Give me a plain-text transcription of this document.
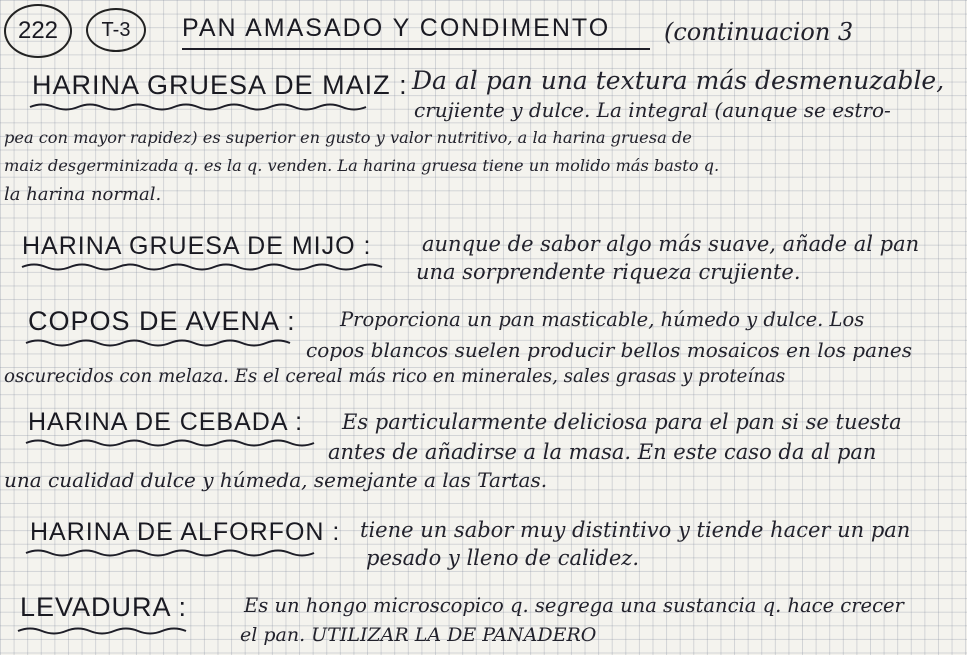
222	T-3	PAN AMASADO Y CONDIMENTO (continuacion 3
HARINA GRUESA DE MAIZ : Da al pan una textura más desmenuzable,
crujiente y dulce. La integral (aunque se estro-
pea con mayor rapidez) es superior en gusto y valor nutritivo, a la harina gruesa de
maiz desgerminizada q. es la q. venden. La harina gruesa tiene un molido más basto q.
la harina normal.
HARINA GRUESA DE MIJO : aunque de sabor algo más suave, añade al pan
una sorprendente riqueza crujiente.
COPOS DE AVENA : Proporciona un pan masticable, húmedo y dulce. Los
copos blancos suelen producir bellos mosaicos en los panes
oscurecidos con melaza. Es el cereal más rico en minerales, sales grasas y proteínas
HARINA DE CEBADA : Es particularmente deliciosa para el pan si se tuesta
antes de añadirse a la masa. En este caso da al pan
una cualidad dulce y húmeda, semejante a las Tartas.
HARINA DE ALFORFON : tiene un sabor muy distintivo y tiende hacer un pan
pesado y lleno de calidez.
LEVADURA :	Es un hongo microscopico q. segrega una sustancia q. hace crecer
el pan. UTILIZAR LA DE PANADERO
